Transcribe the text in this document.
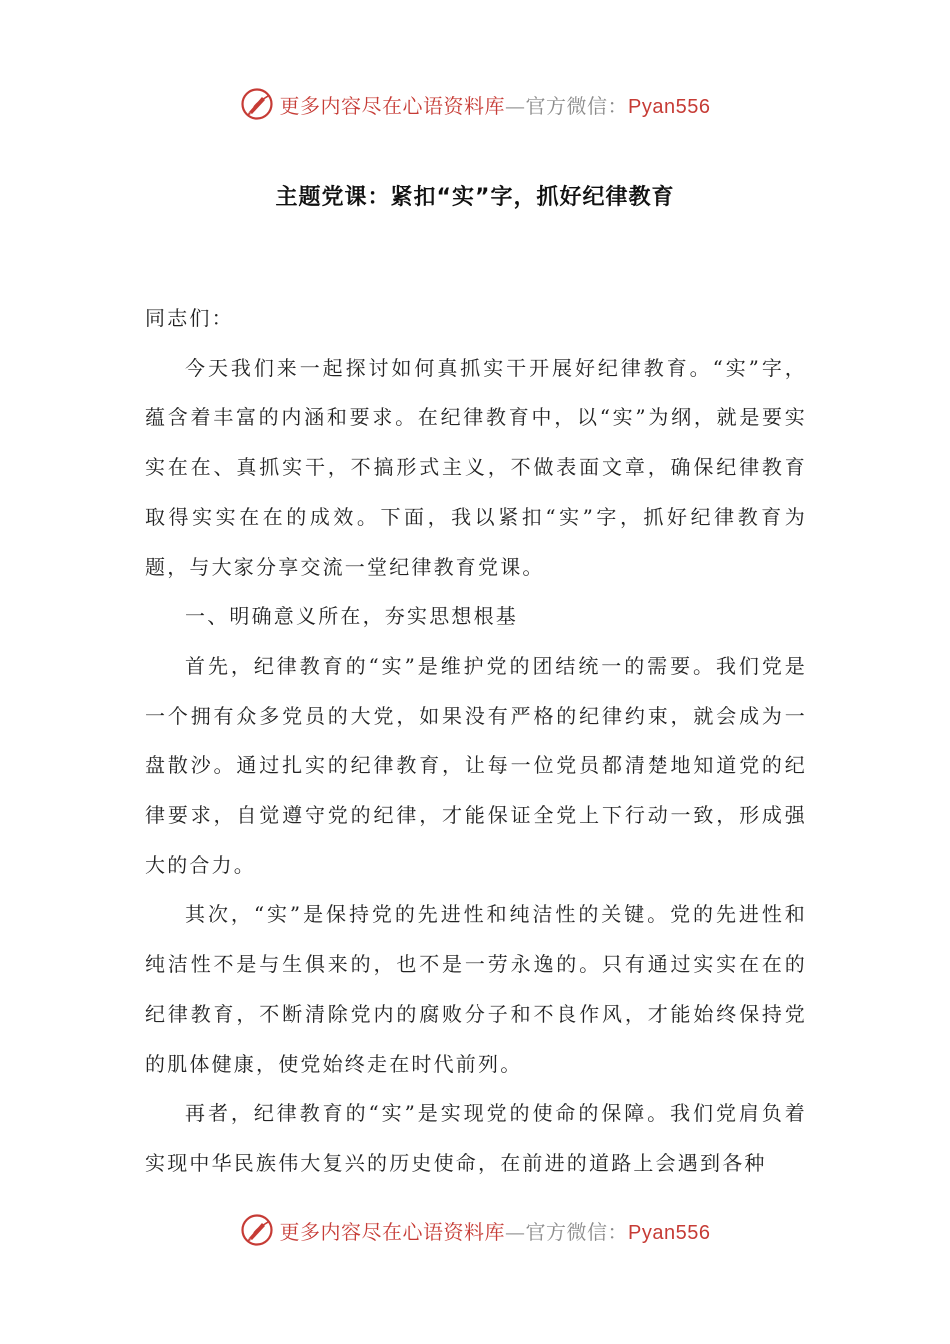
更多内容尽在心语资料库—官方微信：Pyan556
主题党课：紧扣“实”字，抓好纪律教育

同志们：

今天我们来一起探讨如何真抓实干开展好纪律教育。“实”字，蕴含着丰富的内涵和要求。在纪律教育中，以“实”为纲，就是要实实在在、真抓实干，不搞形式主义，不做表面文章，确保纪律教育取得实实在在的成效。下面，我以紧扣“实”字，抓好纪律教育为题，与大家分享交流一堂纪律教育党课。

一、明确意义所在，夯实思想根基

首先，纪律教育的“实”是维护党的团结统一的需要。我们党是一个拥有众多党员的大党，如果没有严格的纪律约束，就会成为一盘散沙。通过扎实的纪律教育，让每一位党员都清楚地知道党的纪律要求，自觉遵守党的纪律，才能保证全党上下行动一致，形成强大的合力。

其次，“实”是保持党的先进性和纯洁性的关键。党的先进性和纯洁性不是与生俱来的，也不是一劳永逸的。只有通过实实在在的纪律教育，不断清除党内的腐败分子和不良作风，才能始终保持党的肌体健康，使党始终走在时代前列。

再者，纪律教育的“实”是实现党的使命的保障。我们党肩负着实现中华民族伟大复兴的历史使命，在前进的道路上会遇到各种

更多内容尽在心语资料库—官方微信：Pyan556
